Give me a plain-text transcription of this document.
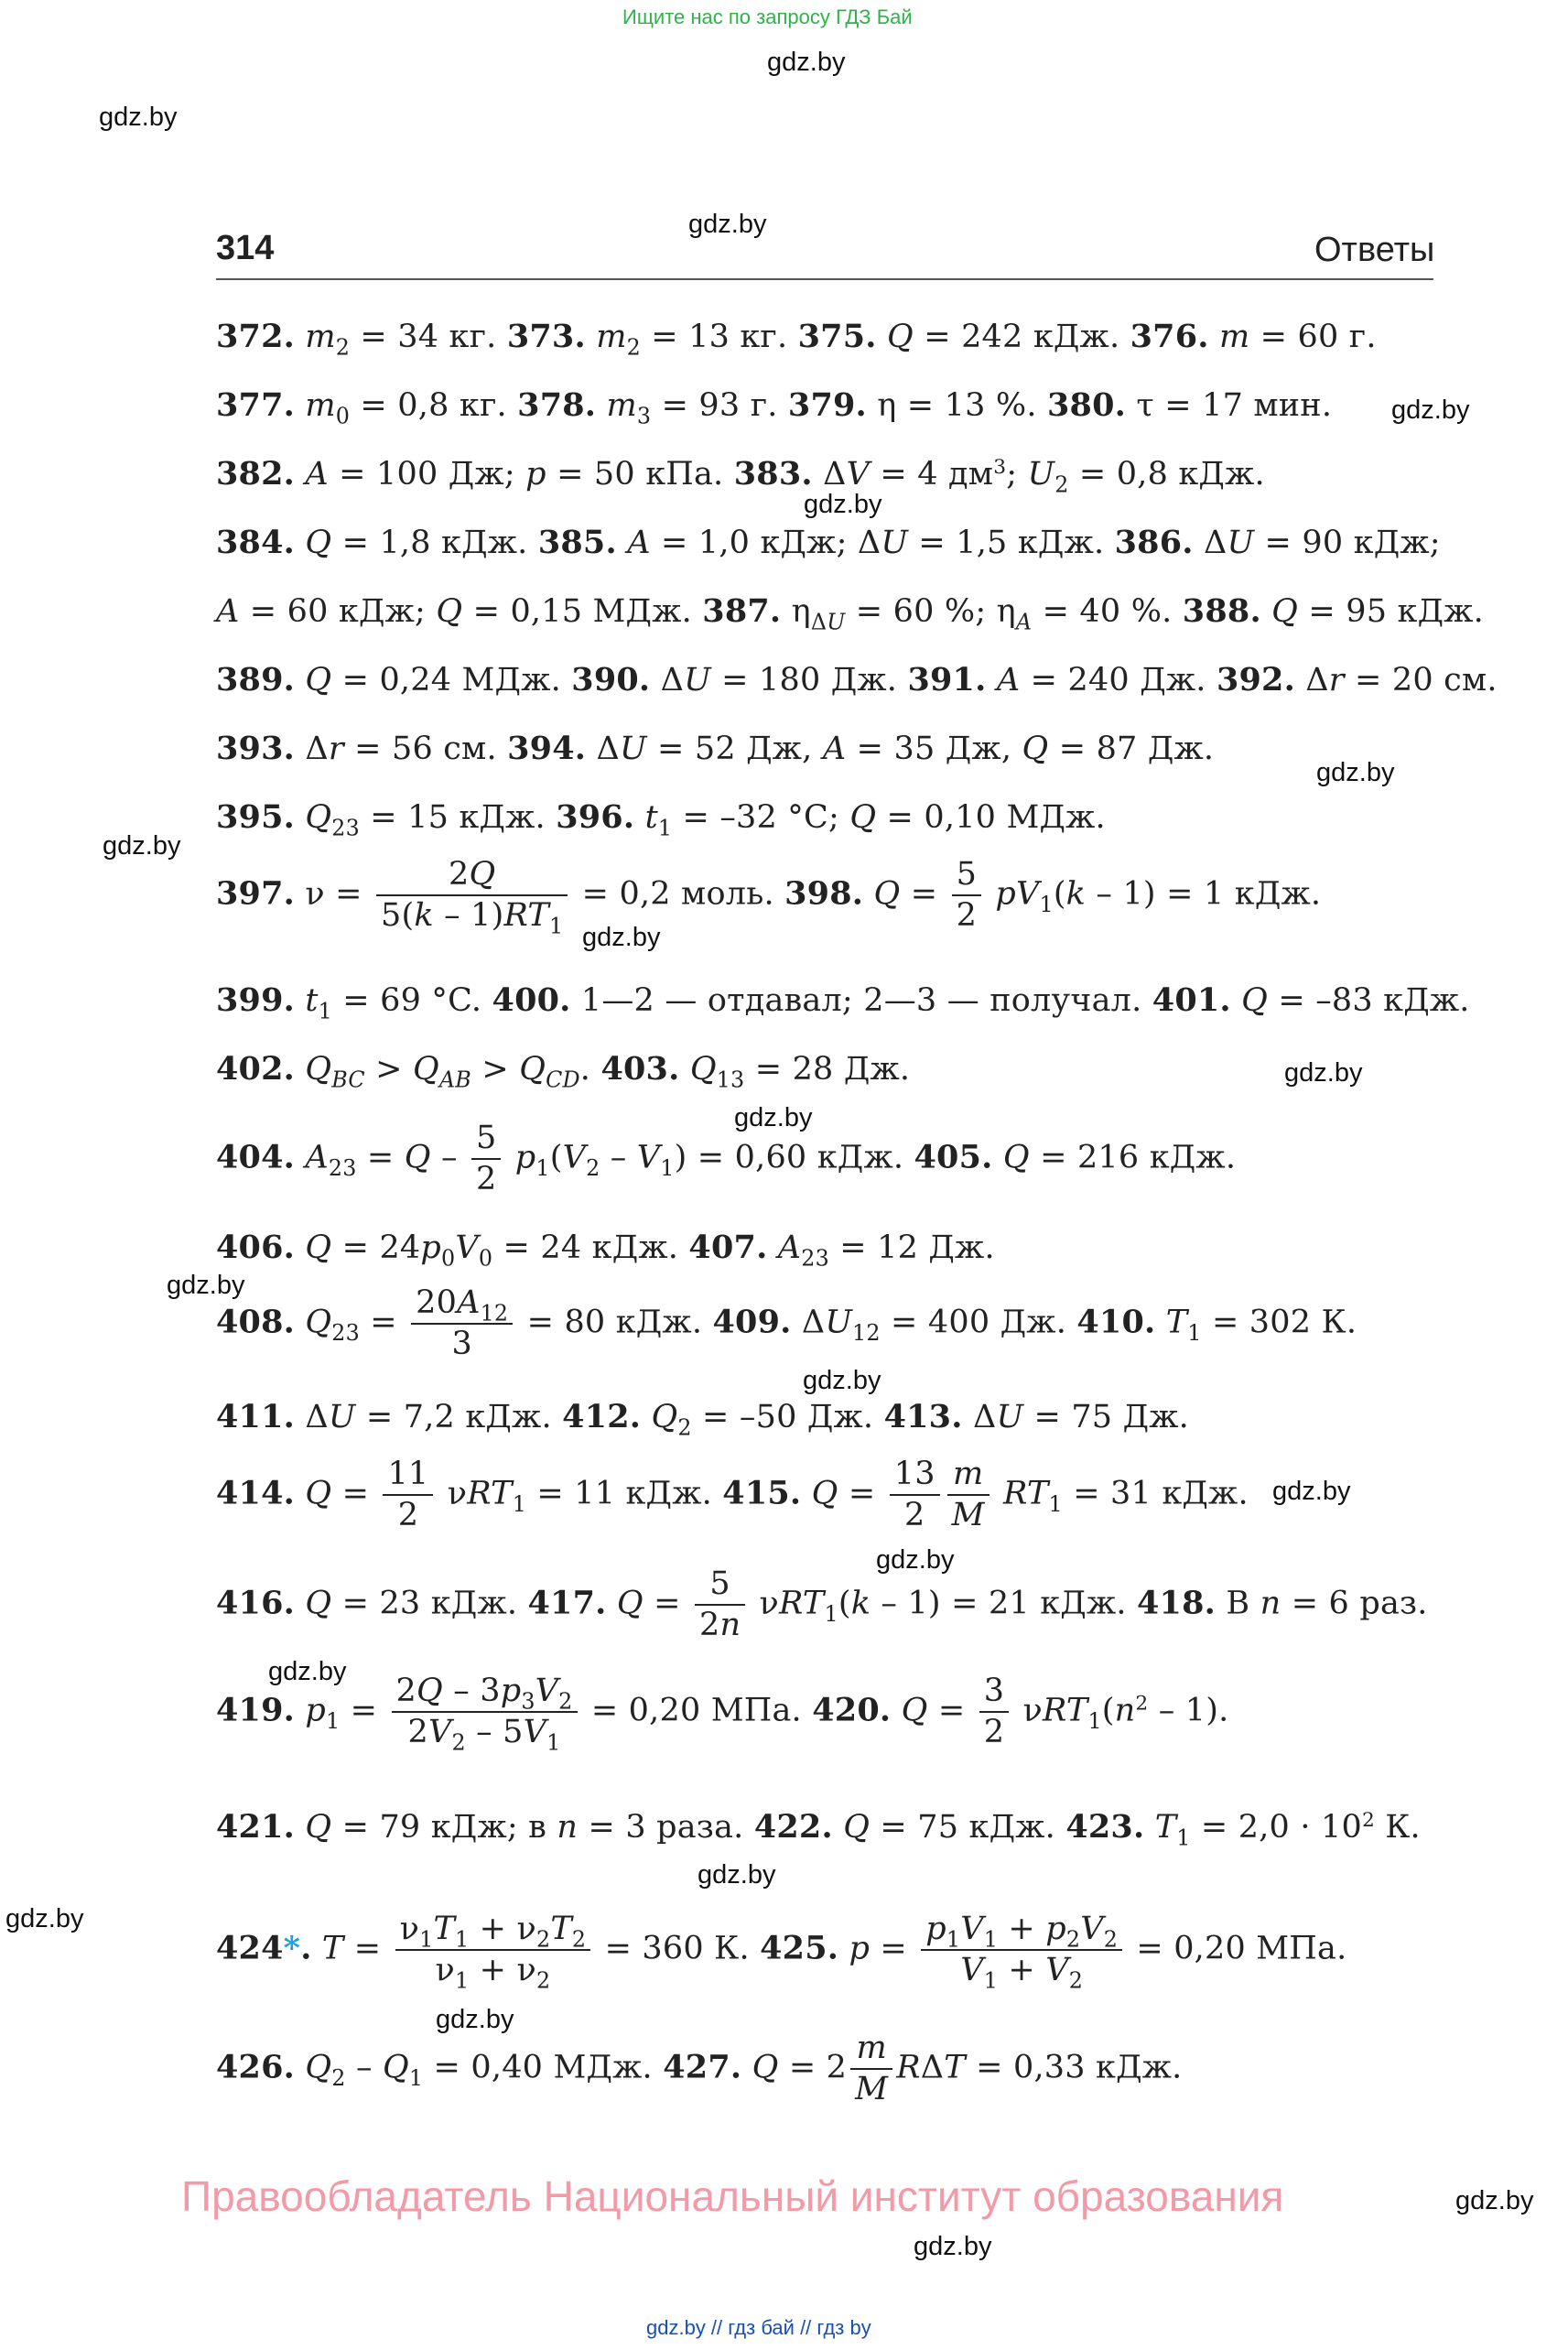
Ищите нас по запросу ГДЗ Бай
gdz.by
gdz.by
gdz.by
gdz.by
gdz.by
gdz.by
gdz.by
gdz.by
gdz.by
gdz.by
gdz.by
gdz.by
gdz.by
gdz.by
gdz.by
gdz.by
gdz.by
gdz.by
gdz.by
gdz.by
314	Ответы
372. $m_2 = 34$ кг. 373. $m_2 = 13$ кг. 375. Q = 242 кДж. 376. m = 60 г.
377. $m_0 = 0,8$ кг. 378. $m_3 = 93$ г. 379. η = 13 %. 380. τ = 17 мин.
382. A = 100 Дж; p = 50 кПа. 383. ΔV = 4 $дм^3$; $U_2 = 0,8$ кДж.
384. Q = 1,8 кДж. 385. A = 1,0 кДж; ΔU = 1,5 кДж. 386. ΔU = 90 кДж;
A = 60 кДж; Q = 0,15 МДж. 387. $\eta_{\Delta U} = 60$ %; $\eta_A = 40$ %. 388. Q = 95 кДж.
389. Q = 0,24 МДж. 390. ΔU = 180 Дж. 391. A = 240 Дж. 392. Δr = 20 см.
393. Δr = 56 см. 394. ΔU = 52 Дж, A = 35 Дж, Q = 87 Дж.
395. $Q_{23} = 15$ кДж. 396. $t_1 = -32$ °C; Q = 0,10 МДж.
397. $\nu = \frac{2Q}{5(k - 1)RT_1} = 0,2$ моль. 398. $Q = \frac{5}{2} pV_1(k - 1) = 1$ кДж.
399. $t_1 = 69$ °C. 400. 1—2 — отдавал; 2—3 — получал. 401. Q = –83 кДж.
402. $Q_{BC} > Q_{AB} > Q_{CD}$. 403. $Q_{13} = 28$ Дж.
404. $A_{23} = Q - \frac{5}{2} p_1(V_2 - V_1) = 0,60$ кДж. 405. Q = 216 кДж.
406. $Q = 24p_0V_0 = 24$ кДж. 407. $A_{23} = 12$ Дж.
408. $Q_{23} = \frac{20A_{12}}{3} = 80$ кДж. 409. $\Delta U_{12} = 400$ Дж. 410. $T_1 = 302$ К.
411. ΔU = 7,2 кДж. 412. $Q_2 = -50$ Дж. 413. ΔU = 75 Дж.
414. $Q = \frac{11}{2} \nu RT_1 = 11$ кДж. 415. $Q = \frac{13}{2} \frac{m}{M} RT_1 = 31$ кДж.
416. Q = 23 кДж. 417. $Q = \frac{5}{2n} \nu RT_1(k - 1) = 21$ кДж. 418. В n = 6 раз.
419. $p_1 = \frac{2Q - 3p_3V_2}{2V_2 - 5V_1} = 0,20$ МПа. 420. $Q = \frac{3}{2} \nu RT_1(n^2 - 1)$.
421. Q = 79 кДж; в n = 3 раза. 422. Q = 75 кДж. 423. $T_1 = 2,0 \cdot 10^2$ К.
424*. $T = \frac{\nu_1T_1 + \nu_2T_2}{\nu_1 + \nu_2} = 360$ К. 425. $p = \frac{p_1V_1 + p_2V_2}{V_1 + V_2} = 0,20$ МПа.
426. $Q_2 - Q_1 = 0,40$ МДж. 427. $Q = 2 \frac{m}{M}$ RΔT = 0,33 кДж.
Правообладатель Национальный институт образования
gdz.by // гдз бай // гдз by
